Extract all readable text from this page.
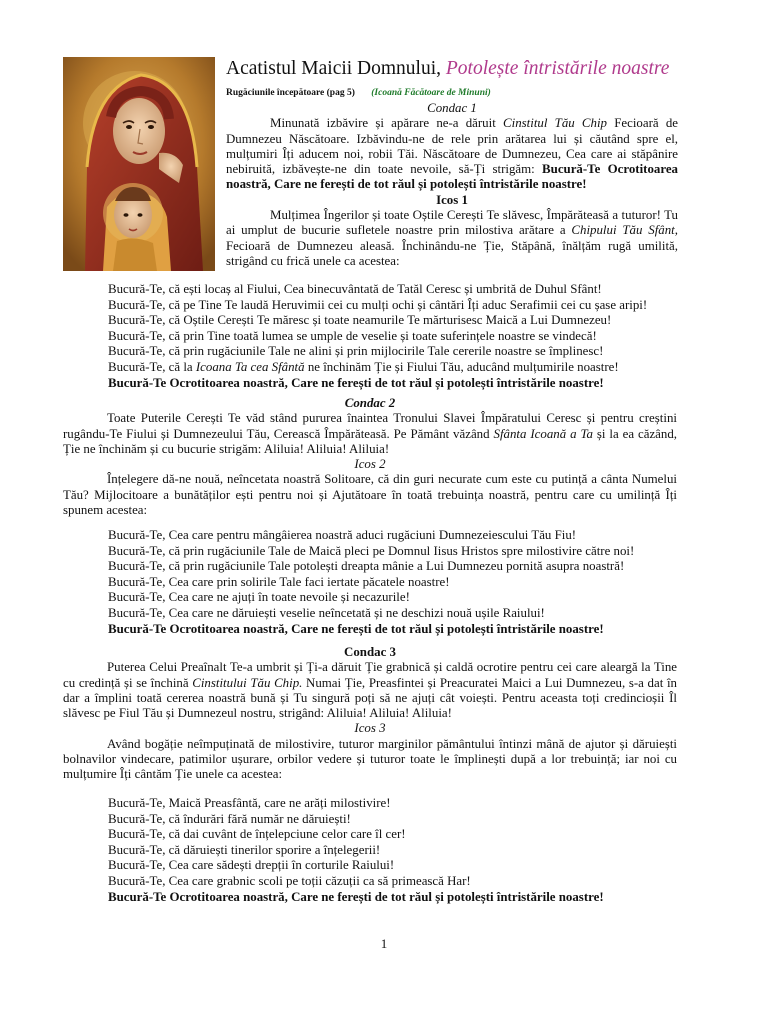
Acatistul Maicii Domnului, Potolește întristările noastre
Rugăciunile începătoare (pag 5) (Icoană Făcătoare de Minuni)
Condac 1

Minunată izbăvire și apărare ne-a dăruit Cinstitul Tău Chip Fecioară de Dumnezeu Născătoare. Izbăvindu-ne de rele prin arătarea lui și căutând spre el, mulțumiri Îți aducem noi, robii Tăi. Născătoare de Dumnezeu, Cea care ai stăpânire nebiruită, izbăvește-ne din toate nevoile, să-Ți strigăm: Bucură-Te Ocrotitoarea noastră, Care ne ferești de tot răul și potolești întristările noastre!

Icos 1

Mulțimea Îngerilor și toate Oștile Cerești Te slăvesc, Împărăteasă a tuturor! Tu ai umplut de bucurie sufletele noastre prin milostiva arătare a Chipului Tău Sfânt, Fecioară de Dumnezeu aleasă. Închinându-ne Ție, Stăpână, înălțăm rugă umilită, strigând cu frică unele ca acestea:

Bucură-Te, că ești locaș al Fiului, Cea binecuvântată de Tatăl Ceresc și umbrită de Duhul Sfânt!
Bucură-Te, că pe Tine Te laudă Heruvimii cei cu mulți ochi și cântări Îți aduc Serafimii cei cu șase aripi!
Bucură-Te, că Oștile Cerești Te măresc și toate neamurile Te mărturisesc Maică a Lui Dumnezeu!
Bucură-Te, că prin Tine toată lumea se umple de veselie și toate suferințele noastre se vindecă!
Bucură-Te, că prin rugăciunile Tale ne alini și prin mijlocirile Tale cererile noastre se împlinesc!
Bucură-Te, că la Icoana Ta cea Sfântă ne închinăm Ție și Fiului Tău, aducând mulțumirile noastre!
Bucură-Te Ocrotitoarea noastră, Care ne ferești de tot răul și potolești întristările noastre!
Condac 2

Toate Puterile Cerești Te văd stând pururea înaintea Tronului Slavei Împăratului Ceresc și pentru creștini rugându-Te Fiului și Dumnezeului Tău, Cerească Împărăteasă. Pe Pământ văzând Sfânta Icoană a Ta și la ea căzând, Ție ne închinăm și cu bucurie strigăm: Aliluia! Aliluia! Aliluia!

Icos 2

Înțelegere dă-ne nouă, neîncetata noastră Solitoare, că din guri necurate cum este cu putință a cânta Numelui Tău? Mijlocitoare a bunătăților ești pentru noi și Ajutătoare în toată trebuința noastră, pentru care cu umilință Îți spunem acestea:

Bucură-Te, Cea care pentru mângâierea noastră aduci rugăciuni Dumnezeiescului Tău Fiu!
Bucură-Te, că prin rugăciunile Tale de Maică pleci pe Domnul Iisus Hristos spre milostivire către noi!
Bucură-Te, că prin rugăciunile Tale potolești dreapta mânie a Lui Dumnezeu pornită asupra noastră!
Bucură-Te, Cea care prin solirile Tale faci iertate păcatele noastre!
Bucură-Te, Cea care ne ajuți în toate nevoile și necazurile!
Bucură-Te, Cea care ne dăruiești veselie neîncetată și ne deschizi nouă ușile Raiului!
Bucură-Te Ocrotitoarea noastră, Care ne ferești de tot răul și potolești întristările noastre!
Condac 3

Puterea Celui Preaînalt Te-a umbrit și Ți-a dăruit Ție grabnică și caldă ocrotire pentru cei care aleargă la Tine cu credință și se închină Cinstitului Tău Chip. Numai Ție, Preasfintei și Preacuratei Maici a Lui Dumnezeu, s-a dat în dar a împlini toată cererea noastră bună și Tu singură poți să ne ajuți cât voiești. Pentru aceasta toți credincioșii Îl slăvesc pe Fiul Tău și Dumnezeul nostru, strigând: Aliluia! Aliluia! Aliluia!

Icos 3

Având bogăție neîmpuținată de milostivire, tuturor marginilor pământului întinzi mână de ajutor și dăruiești bolnavilor vindecare, patimilor ușurare, orbilor vedere și tuturor toate le împlinești după a lor trebuință; iar noi cu mulțumire Îți cântăm Ție unele ca acestea:

Bucură-Te, Maică Preasfântă, care ne arăți milostivire!
Bucură-Te, că îndurări fără număr ne dăruiești!
Bucură-Te, că dai cuvânt de înțelepciune celor care îl cer!
Bucură-Te, că dăruiești tinerilor sporire a înțelegerii!
Bucură-Te, Cea care sădești drepții în corturile Raiului!
Bucură-Te, Cea care grabnic scoli pe toții căzuții ca să primească Har!
Bucură-Te Ocrotitoarea noastră, Care ne ferești de tot răul și potolești întristările noastre!
1
